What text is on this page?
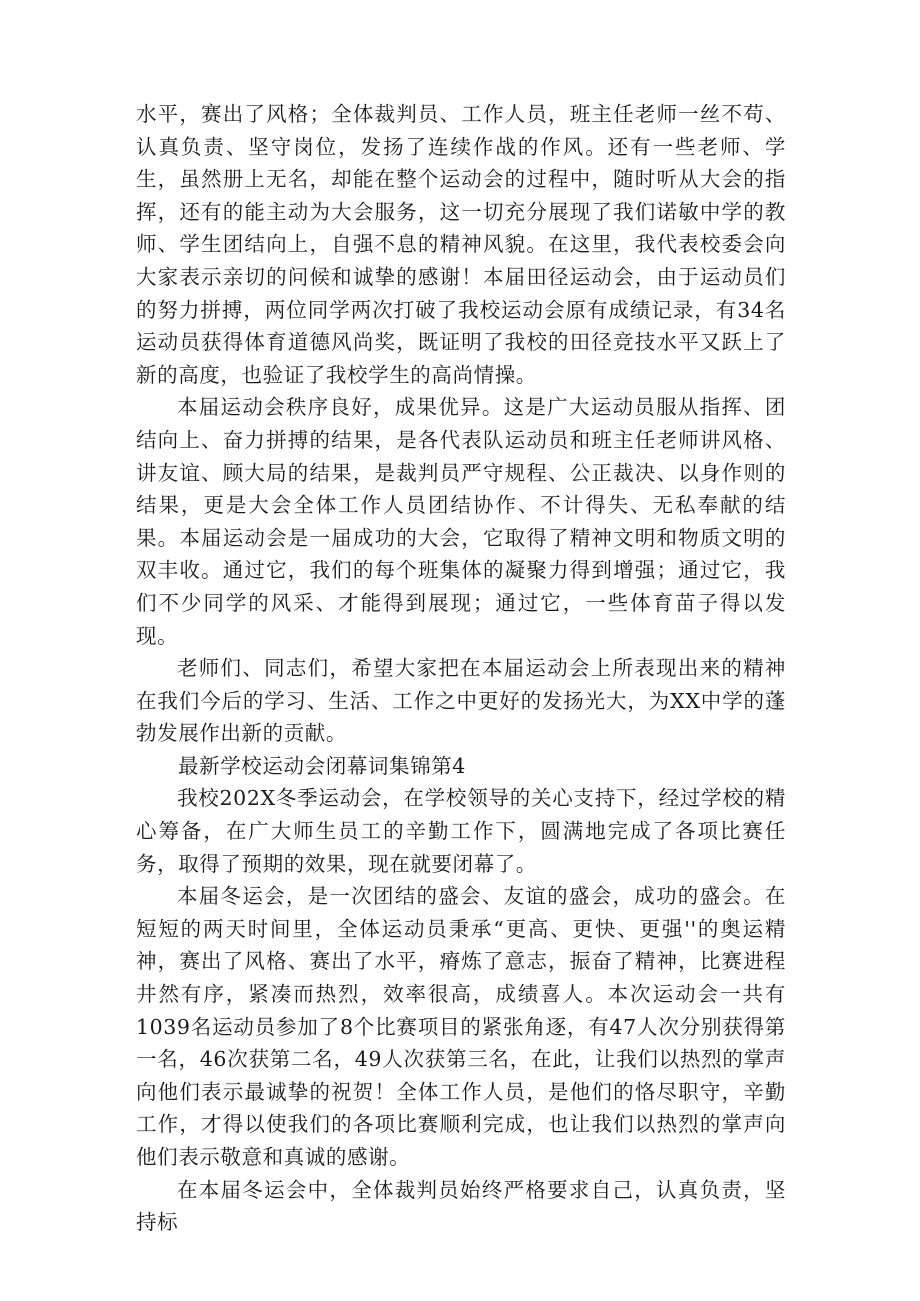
水平，赛出了风格；全体裁判员、工作人员，班主任老师一丝不苟、认真负责、坚守岗位，发扬了连续作战的作风。还有一些老师、学生，虽然册上无名，却能在整个运动会的过程中，随时听从大会的指挥，还有的能主动为大会服务，这一切充分展现了我们诺敏中学的教师、学生团结向上，自强不息的精神风貌。在这里，我代表校委会向大家表示亲切的问候和诚挚的感谢！本届田径运动会，由于运动员们的努力拼搏，两位同学两次打破了我校运动会原有成绩记录，有34名运动员获得体育道德风尚奖，既证明了我校的田径竞技水平又跃上了新的高度，也验证了我校学生的高尚情操。

本届运动会秩序良好，成果优异。这是广大运动员服从指挥、团结向上、奋力拼搏的结果，是各代表队运动员和班主任老师讲风格、讲友谊、顾大局的结果，是裁判员严守规程、公正裁决、以身作则的结果，更是大会全体工作人员团结协作、不计得失、无私奉献的结果。本届运动会是一届成功的大会，它取得了精神文明和物质文明的双丰收。通过它，我们的每个班集体的凝聚力得到增强；通过它，我们不少同学的风采、才能得到展现；通过它，一些体育苗子得以发现。

老师们、同志们，希望大家把在本届运动会上所表现出来的精神在我们今后的学习、生活、工作之中更好的发扬光大，为XX中学的蓬勃发展作出新的贡献。

最新学校运动会闭幕词集锦第4

我校202X冬季运动会，在学校领导的关心支持下，经过学校的精心筹备，在广大师生员工的辛勤工作下，圆满地完成了各项比赛任务，取得了预期的效果，现在就要闭幕了。

本届冬运会，是一次团结的盛会、友谊的盛会，成功的盛会。在短短的两天时间里，全体运动员秉承“更高、更快、更强''的奥运精神，赛出了风格、赛出了水平，瘠炼了意志，振奋了精神，比赛进程井然有序，紧凑而热烈，效率很高，成绩喜人。本次运动会一共有1039名运动员参加了8个比赛项目的紧张角逐，有47人次分别获得第一名，46次获第二名，49人次获第三名，在此，让我们以热烈的掌声向他们表示最诚挚的祝贺！全体工作人员，是他们的恪尽职守，辛勤工作，才得以使我们的各项比赛顺利完成，也让我们以热烈的掌声向他们表示敬意和真诚的感谢。

在本届冬运会中，全体裁判员始终严格要求自己，认真负责，坚持标
